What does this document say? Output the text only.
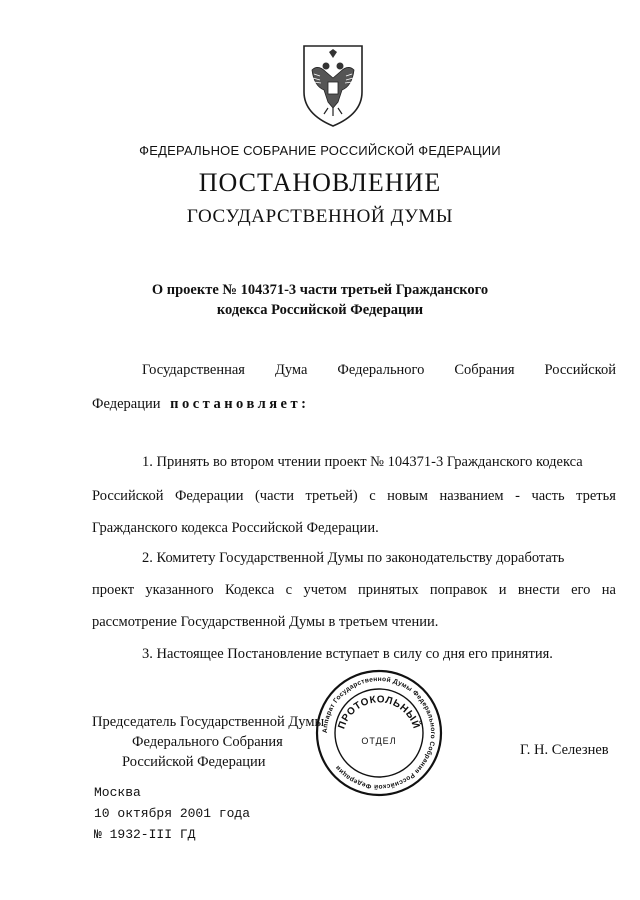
ФЕДЕРАЛЬНОЕ СОБРАНИЕ РОССИЙСКОЙ ФЕДЕРАЦИИ
ПОСТАНОВЛЕНИЕ
ГОСУДАРСТВЕННОЙ ДУМЫ
О проекте № 104371-3 части третьей Гражданского
кодекса Российской Федерации
Государственная Дума Федерального Собрания Российской
Федерации постановляет:
1. Принять во втором чтении проект № 104371-3 Гражданского кодекса
Российской Федерации (части третьей) с новым названием - часть третья
Гражданского кодекса Российской Федерации.
2. Комитету Государственной Думы по законодательству доработать
проект указанного Кодекса с учетом принятых поправок и внести его на
рассмотрение Государственной Думы в третьем чтении.
3. Настоящее Постановление вступает в силу со дня его принятия.
Председатель Государственной Думы
Федерального Собрания
Российской Федерации
Аппарат Государственной Думы Федерального Собрания Российской Федерации
ПРОТОКОЛЬНЫЙ
ОТДЕЛ
Г. Н. Селезнев
Москва
10 октября 2001 года
№ 1932-III ГД
